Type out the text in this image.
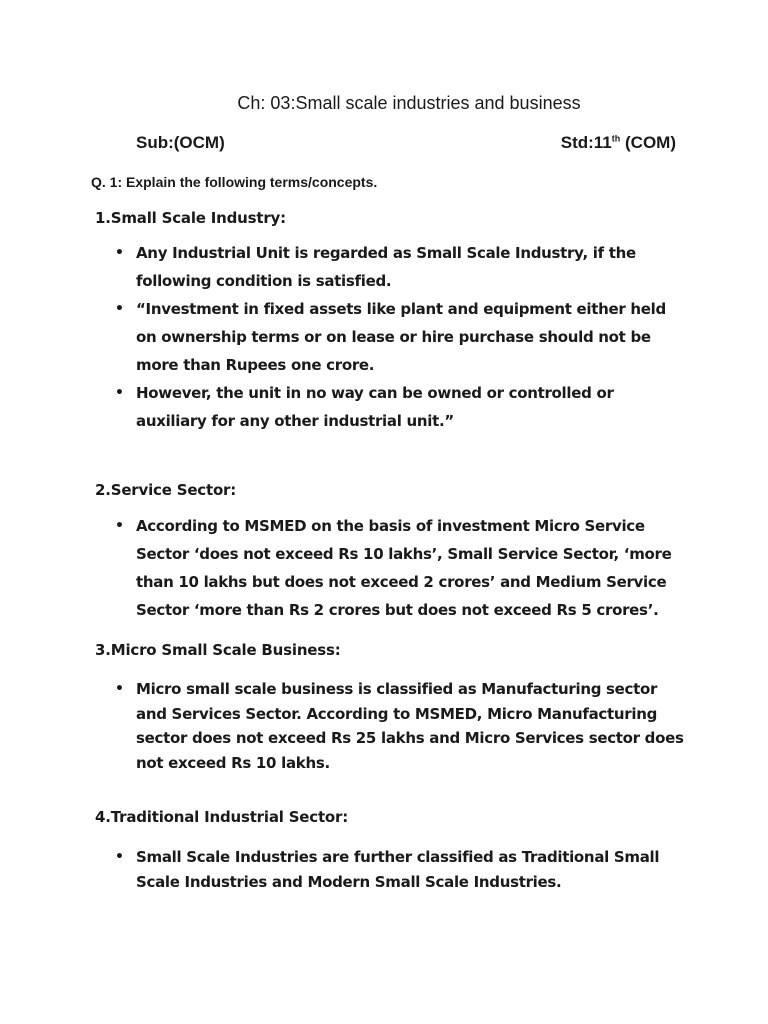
Ch: 03:Small scale industries and business
Sub:(OCM)	Std:11th (COM)
Q. 1: Explain the following terms/concepts.

1.Small Scale Industry:

• Any Industrial Unit is regarded as Small Scale Industry, if the following condition is satisfied.
• “Investment in fixed assets like plant and equipment either held on ownership terms or on lease or hire purchase should not be more than Rupees one crore.
• However, the unit in no way can be owned or controlled or auxiliary for any other industrial unit.”

2.Service Sector:

• According to MSMED on the basis of investment Micro Service Sector ‘does not exceed Rs 10 lakhs’, Small Service Sector, ‘more than 10 lakhs but does not exceed 2 crores’ and Medium Service Sector ‘more than Rs 2 crores but does not exceed Rs 5 crores’.

3.Micro Small Scale Business:

• Micro small scale business is classified as Manufacturing sector and Services Sector. According to MSMED, Micro Manufacturing sector does not exceed Rs 25 lakhs and Micro Services sector does not exceed Rs 10 lakhs.

4.Traditional Industrial Sector:

• Small Scale Industries are further classified as Traditional Small Scale Industries and Modern Small Scale Industries.
